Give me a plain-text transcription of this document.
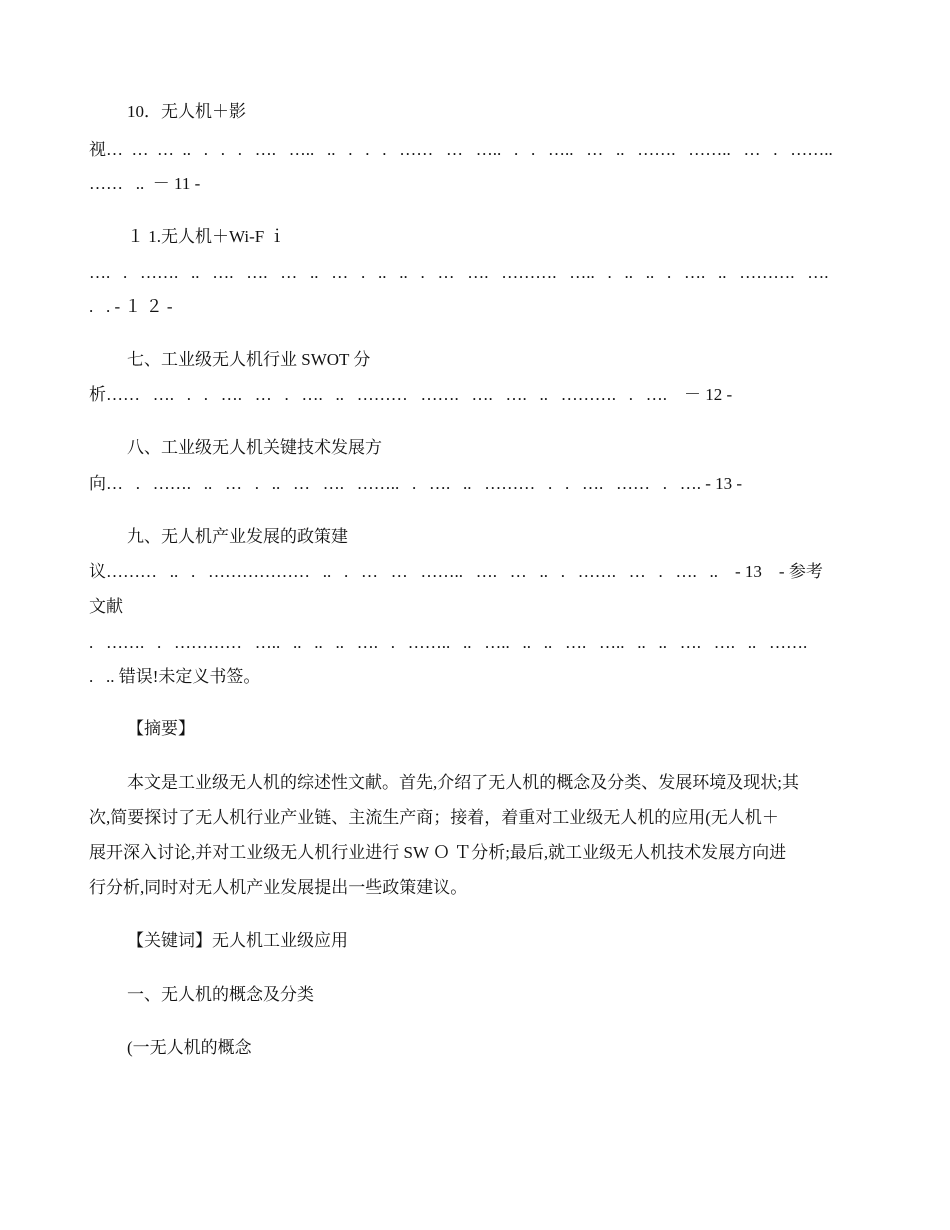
10．无人机＋影
视…  …  …  ..   .   .   .   ….   …..   ..   .   .   .   ……   …   …..   .   .   …..   …   ..   …….   ……..   …   .   ……..
……   ..  － 11 -
１ 1.无人机＋Wi-F ｉ
….   .   …….   ..   ….   ….   …   ..   …   .   ..   ..   .   …   ….   ……….   …..   .   ..   ..   .   ….   ..   ……….   ….
.   . - １ ２ -
七、工业级无人机行业 SWOT 分
析……   ….   .   .   ….   …   .   ….   ..   ………   …….   ….   ….   ..   ……….   .   ….    － 12 -
八、工业级无人机关键技术发展方
向…   .   …….   ..   …   .   ..   …   ….   ……..   .   ….   ..   ………   .   .   ….   ……   .   …. - 13 -
九、无人机产业发展的政策建
议………   ..   .   ………………   ..   .   …   …   ……..   ….   …   ..   .   …….   …   .   ….   ..    - 13    - 参考
文献
.   …….   .   …………   …..   ..   ..   ..   ….   .   ……..   ..   …..   ..   ..   ….   …..   ..   ..   ….   ….   ..   …….
.   .. 错误!未定义书签。
【摘要】
本文是工业级无人机的综述性文献。首先,介绍了无人机的概念及分类、发展环境及现状;其
次,简要探讨了无人机行业产业链、主流生产商；接着，着重对工业级无人机的应用(无人机＋
展开深入讨论,并对工业级无人机行业进行 SW Ｏ Ｔ分析;最后,就工业级无人机技术发展方向进
行分析,同时对无人机产业发展提出一些政策建议。
【关键词】无人机工业级应用
一、无人机的概念及分类
(一无人机的概念
